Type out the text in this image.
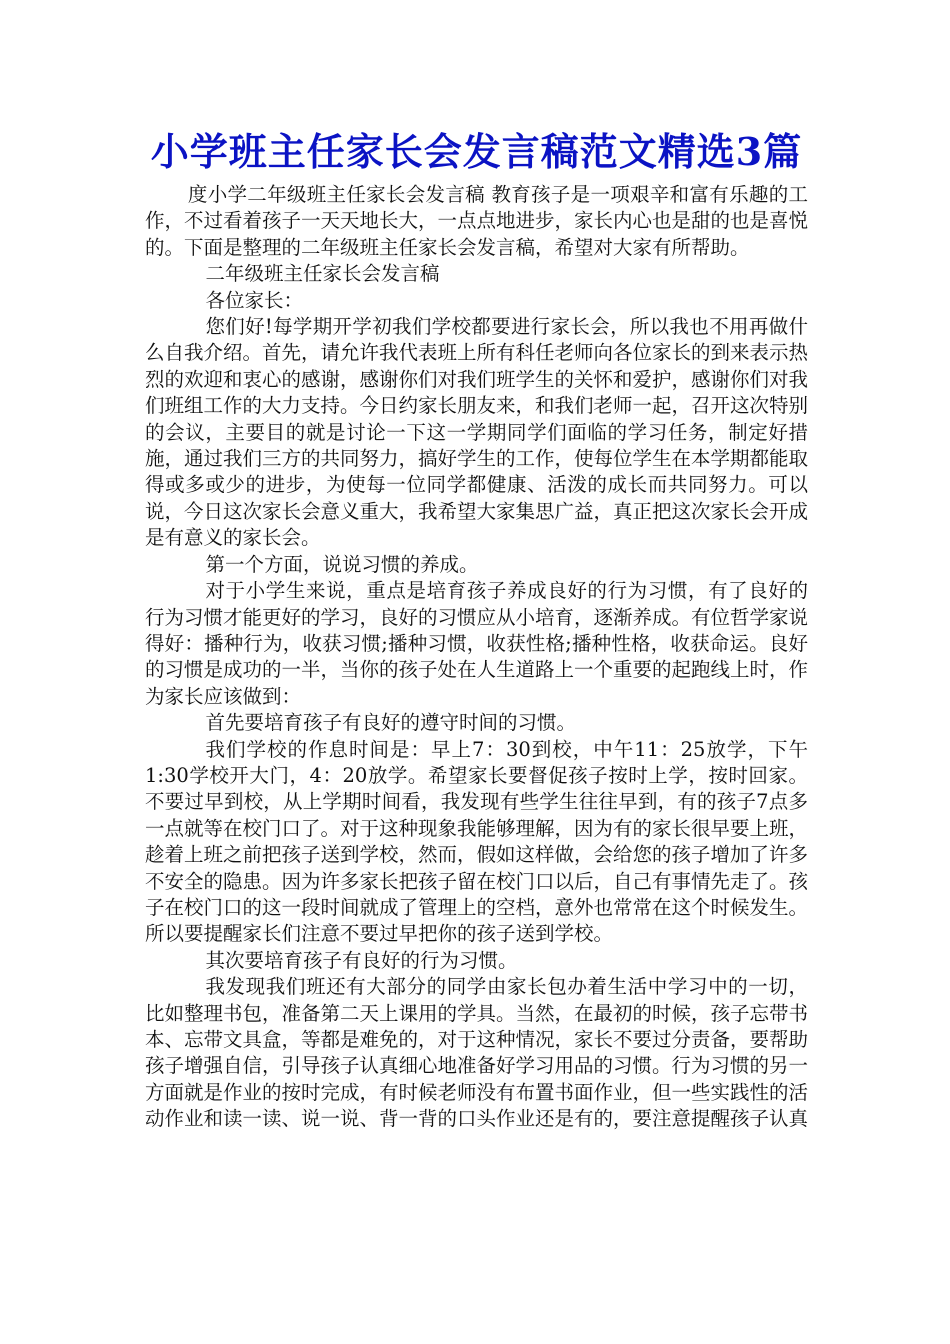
小学班主任家长会发言稿范文精选3篇

度小学二年级班主任家长会发言稿 教育孩子是一项艰辛和富有乐趣的工作，不过看着孩子一天天地长大，一点点地进步，家长内心也是甜的也是喜悦的。下面是整理的二年级班主任家长会发言稿，希望对大家有所帮助。

二年级班主任家长会发言稿

各位家长：

您们好!每学期开学初我们学校都要进行家长会，所以我也不用再做什么自我介绍。首先，请允许我代表班上所有科任老师向各位家长的到来表示热烈的欢迎和衷心的感谢，感谢你们对我们班学生的关怀和爱护，感谢你们对我们班组工作的大力支持。今日约家长朋友来，和我们老师一起，召开这次特别的会议，主要目的就是讨论一下这一学期同学们面临的学习任务，制定好措施，通过我们三方的共同努力，搞好学生的工作，使每位学生在本学期都能取得或多或少的进步，为使每一位同学都健康、活泼的成长而共同努力。可以说，今日这次家长会意义重大，我希望大家集思广益，真正把这次家长会开成是有意义的家长会。

第一个方面，说说习惯的养成。

对于小学生来说，重点是培育孩子养成良好的行为习惯，有了良好的行为习惯才能更好的学习，良好的习惯应从小培育，逐渐养成。有位哲学家说得好：播种行为，收获习惯;播种习惯，收获性格;播种性格，收获命运。良好的习惯是成功的一半，当你的孩子处在人生道路上一个重要的起跑线上时，作为家长应该做到：

首先要培育孩子有良好的遵守时间的习惯。

我们学校的作息时间是：早上7：30到校，中午11：25放学，下午1:30学校开大门，4：20放学。希望家长要督促孩子按时上学，按时回家。不要过早到校，从上学期时间看，我发现有些学生往往早到，有的孩子7点多一点就等在校门口了。对于这种现象我能够理解，因为有的家长很早要上班，趁着上班之前把孩子送到学校，然而，假如这样做，会给您的孩子增加了许多不安全的隐患。因为许多家长把孩子留在校门口以后，自己有事情先走了。孩子在校门口的这一段时间就成了管理上的空档，意外也常常在这个时候发生。所以要提醒家长们注意不要过早把你的孩子送到学校。

其次要培育孩子有良好的行为习惯。

我发现我们班还有大部分的同学由家长包办着生活中学习中的一切，比如整理书包，准备第二天上课用的学具。当然，在最初的时候，孩子忘带书本、忘带文具盒，等都是难免的，对于这种情况，家长不要过分责备，要帮助孩子增强自信，引导孩子认真细心地准备好学习用品的习惯。行为习惯的另一方面就是作业的按时完成，有时候老师没有布置书面作业，但一些实践性的活动作业和读一读、说一说、背一背的口头作业还是有的，要注意提醒孩子认真
